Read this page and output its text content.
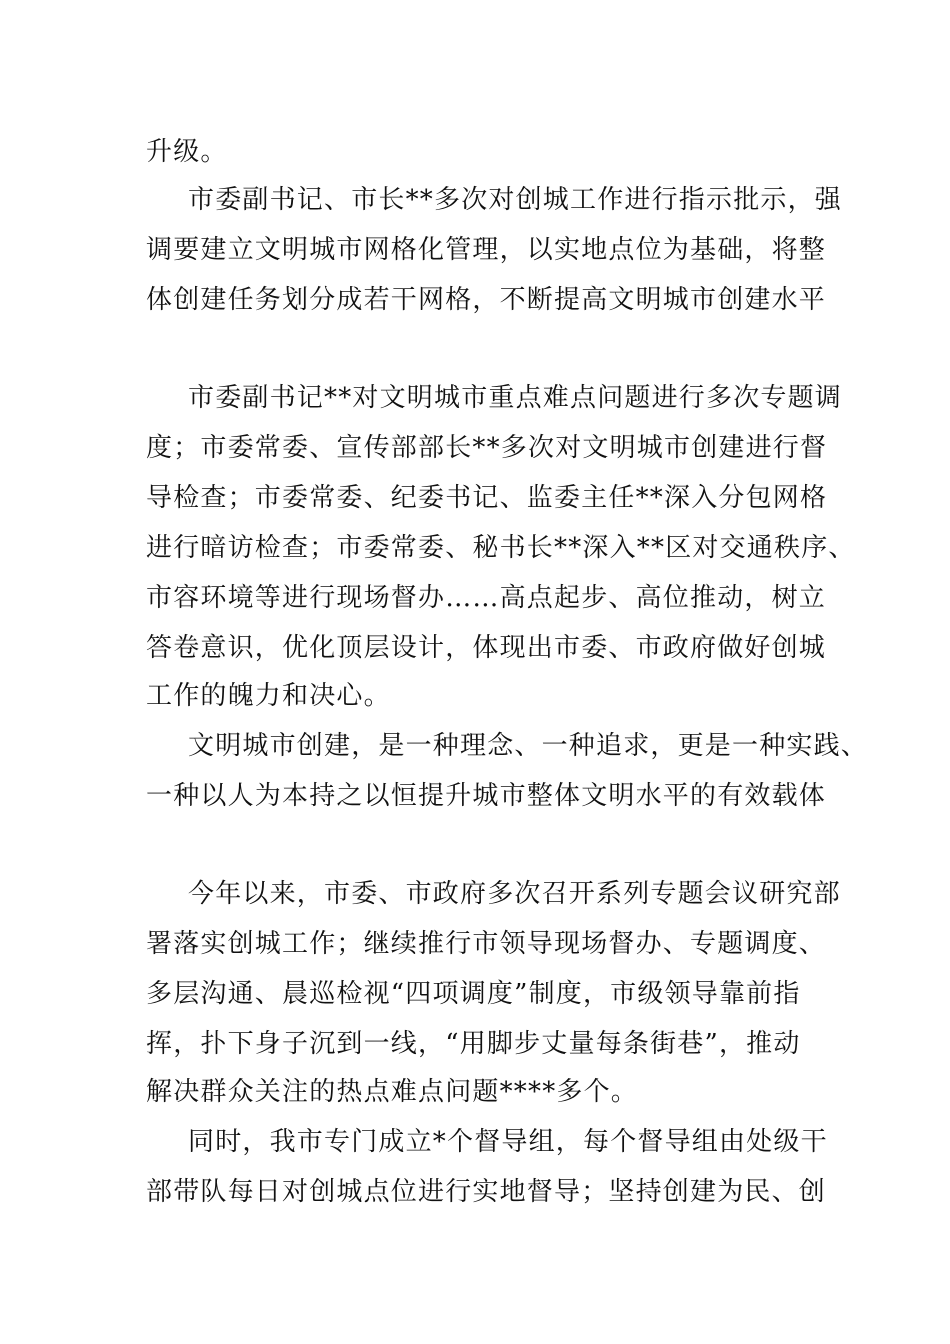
升级。
市委副书记、市长**多次对创城工作进行指示批示，强
调要建立文明城市网格化管理，以实地点位为基础，将整
体创建任务划分成若干网格，不断提高文明城市创建水平
市委副书记**对文明城市重点难点问题进行多次专题调
度；市委常委、宣传部部长**多次对文明城市创建进行督
导检查；市委常委、纪委书记、监委主任**深入分包网格
进行暗访检查；市委常委、秘书长**深入**区对交通秩序、
市容环境等进行现场督办……高点起步、高位推动，树立
答卷意识，优化顶层设计，体现出市委、市政府做好创城
工作的魄力和决心。
文明城市创建，是一种理念、一种追求，更是一种实践、
一种以人为本持之以恒提升城市整体文明水平的有效载体
今年以来，市委、市政府多次召开系列专题会议研究部
署落实创城工作；继续推行市领导现场督办、专题调度、
多层沟通、晨巡检视“四项调度”制度，市级领导靠前指
挥，扑下身子沉到一线，“用脚步丈量每条街巷”，推动
解决群众关注的热点难点问题****多个。
同时，我市专门成立*个督导组，每个督导组由处级干
部带队每日对创城点位进行实地督导；坚持创建为民、创
